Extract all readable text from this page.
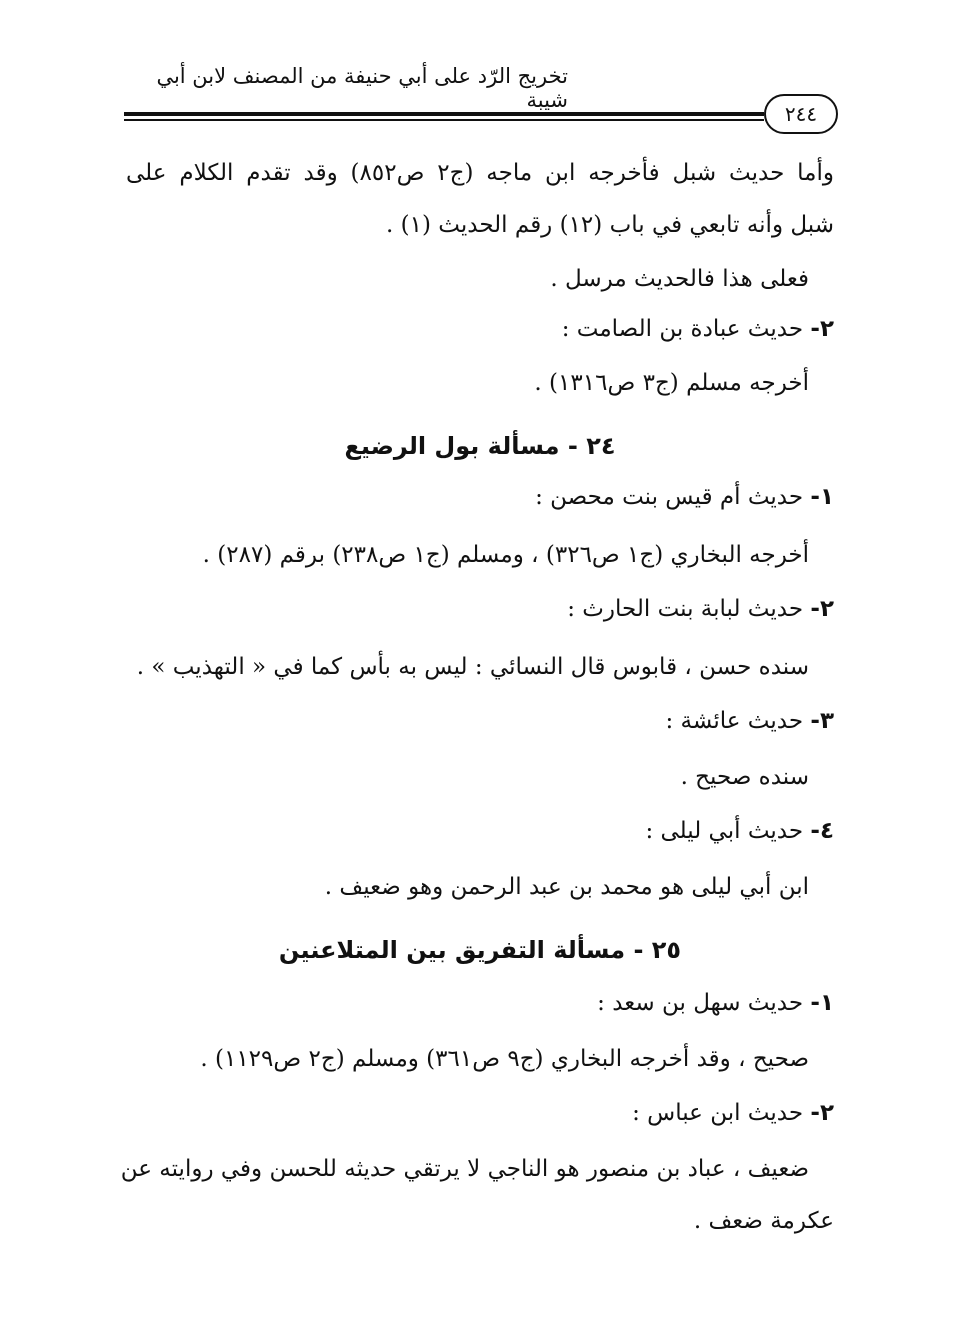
تخريج الرّد على أبي حنيفة من المصنف لابن أبي شيبة
٢٤٤
وأما حديث شبل فأخرجه ابن ماجه (ج٢ ص٨٥٢) وقد تقدم الكلام على
شبل وأنه تابعي في باب (١٢) رقم الحديث (١) .
فعلى هذا فالحديث مرسل .
٢- حديث عبادة بن الصامت :
أخرجه مسلم (ج٣ ص١٣١٦) .
٢٤ - مسألة بول الرضيع
١- حديث أم قيس بنت محصن :
أخرجه البخاري (ج١ ص٣٢٦) ، ومسلم (ج١ ص٢٣٨) برقم (٢٨٧) .
٢- حديث لبابة بنت الحارث :
سنده حسن ، قابوس قال النسائي : ليس به بأس كما في « التهذيب » .
٣- حديث عائشة :
سنده صحيح .
٤- حديث أبي ليلى :
ابن أبي ليلى هو محمد بن عبد الرحمن وهو ضعيف .
٢٥ - مسألة التفريق بين المتلاعنين
١- حديث سهل بن سعد :
صحيح ، وقد أخرجه البخاري (ج٩ ص٣٦١) ومسلم (ج٢ ص١١٢٩) .
٢- حديث ابن عباس :
ضعيف ، عباد بن منصور هو الناجي لا يرتقي حديثه للحسن وفي روايته عن
عكرمة ضعف .
